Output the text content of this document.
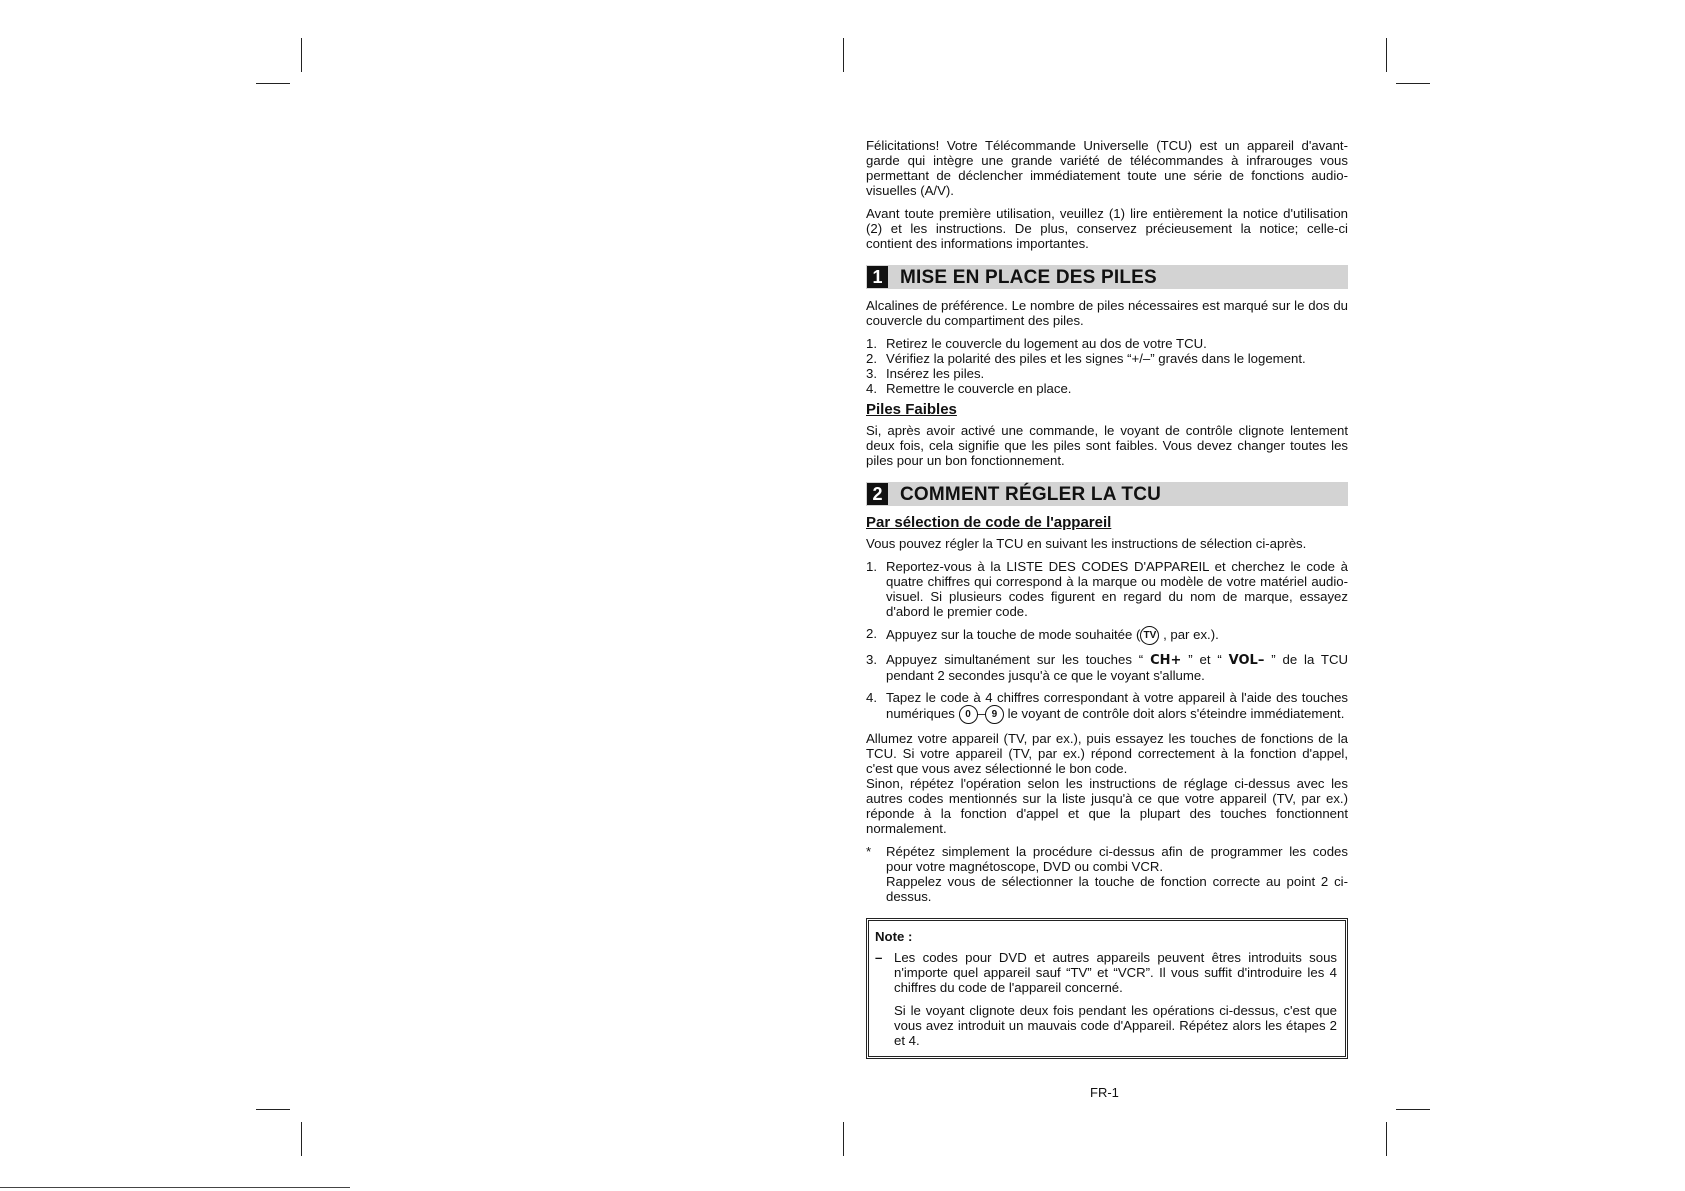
Félicitations! Votre Télécommande Universelle (TCU) est un appareil d'avant-garde qui intègre une grande variété de télécommandes à infrarouges vous permettant de déclencher immédiatement toute une série de fonctions audio-visuelles (A/V).

Avant toute première utilisation, veuillez (1) lire entièrement la notice d'utilisation (2) et les instructions. De plus, conservez précieusement la notice; celle-ci contient des informations importantes.

1 MISE EN PLACE DES PILES

Alcalines de préférence. Le nombre de piles nécessaires est marqué sur le dos du couvercle du compartiment des piles.

1. Retirez le couvercle du logement au dos de votre TCU.
2. Vérifiez la polarité des piles et les signes “+/–” gravés dans le logement.
3. Insérez les piles.
4. Remettre le couvercle en place.
Piles Faibles

Si, après avoir activé une commande, le voyant de contrôle clignote lentement deux fois, cela signifie que les piles sont faibles. Vous devez changer toutes les piles pour un bon fonctionnement.

2 COMMENT RÉGLER LA TCU
Par sélection de code de l'appareil

Vous pouvez régler la TCU en suivant les instructions de sélection ci-après.

1. Reportez-vous à la LISTE DES CODES D'APPAREIL et cherchez le code à quatre chiffres qui correspond à la marque ou modèle de votre matériel audio-visuel. Si plusieurs codes figurent en regard du nom de marque, essayez d'abord le premier code.
2. Appuyez sur la touche de mode souhaitée ( TV , par ex.).
3. Appuyez simultanément sur les touches “ CH+ ” et “ VOL– ” de la TCU pendant 2 secondes jusqu'à ce que le voyant s'allume.
4. Tapez le code à 4 chiffres correspondant à votre appareil à l'aide des touches numériques 0 – 9 le voyant de contrôle doit alors s'éteindre immédiatement.

Allumez votre appareil (TV, par ex.), puis essayez les touches de fonctions de la TCU. Si votre appareil (TV, par ex.) répond correctement à la fonction d'appel, c'est que vous avez sélectionné le bon code.

Sinon, répétez l'opération selon les instructions de réglage ci-dessus avec les autres codes mentionnés sur la liste jusqu'à ce que votre appareil (TV, par ex.) réponde à la fonction d'appel et que la plupart des touches fonctionnent normalement.

*	Répétez simplement la procédure ci-dessus afin de programmer les codes pour votre magnétoscope, DVD ou combi VCR.
Rappelez vous de sélectionner la touche de fonction correcte au point 2 ci-dessus.
Note :
– Les codes pour DVD et autres appareils peuvent êtres introduits sous n'importe quel appareil sauf “TV” et “VCR”. Il vous suffit d'introduire les 4 chiffres du code de l'appareil concerné.

Si le voyant clignote deux fois pendant les opérations ci-dessus, c'est que vous avez introduit un mauvais code d'Appareil. Répétez alors les étapes 2 et 4.

FR-1
